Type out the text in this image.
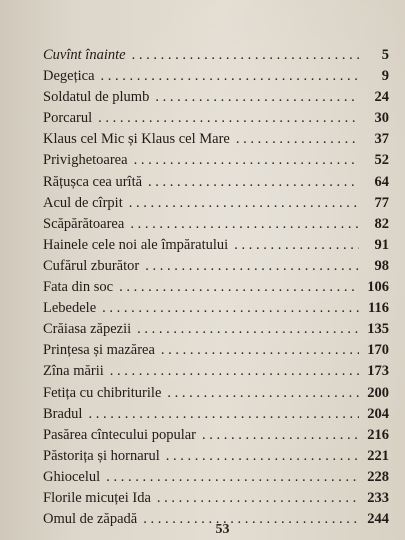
Cuvînt înainte . . .	5
Degețica . . .	9
Soldatul de plumb . . .	24
Porcarul . . .	30
Klaus cel Mic și Klaus cel Mare . . .	37
Privighetoarea . . .	52
Rățușca cea urîtă . . .	64
Acul de cîrpit . . .	77
Scăpărătoarea . . .	82
Hainele cele noi ale împăratului . . .	91
Cufărul zburător . . .	98
Fata din soc . . .	106
Lebedele . . .	116
Crăiasa zăpezii . . .	135
Prințesa și mazărea . . .	170
Zîna mării . . .	173
Fetița cu chibriturile . . .	200
Bradul . . .	204
Pasărea cîntecului popular . . .	216
Păstorița și hornarul . . .	221
Ghiocelul . . .	228
Florile micuței Ida . . .	233
Omul de zăpadă . . .	244
53
